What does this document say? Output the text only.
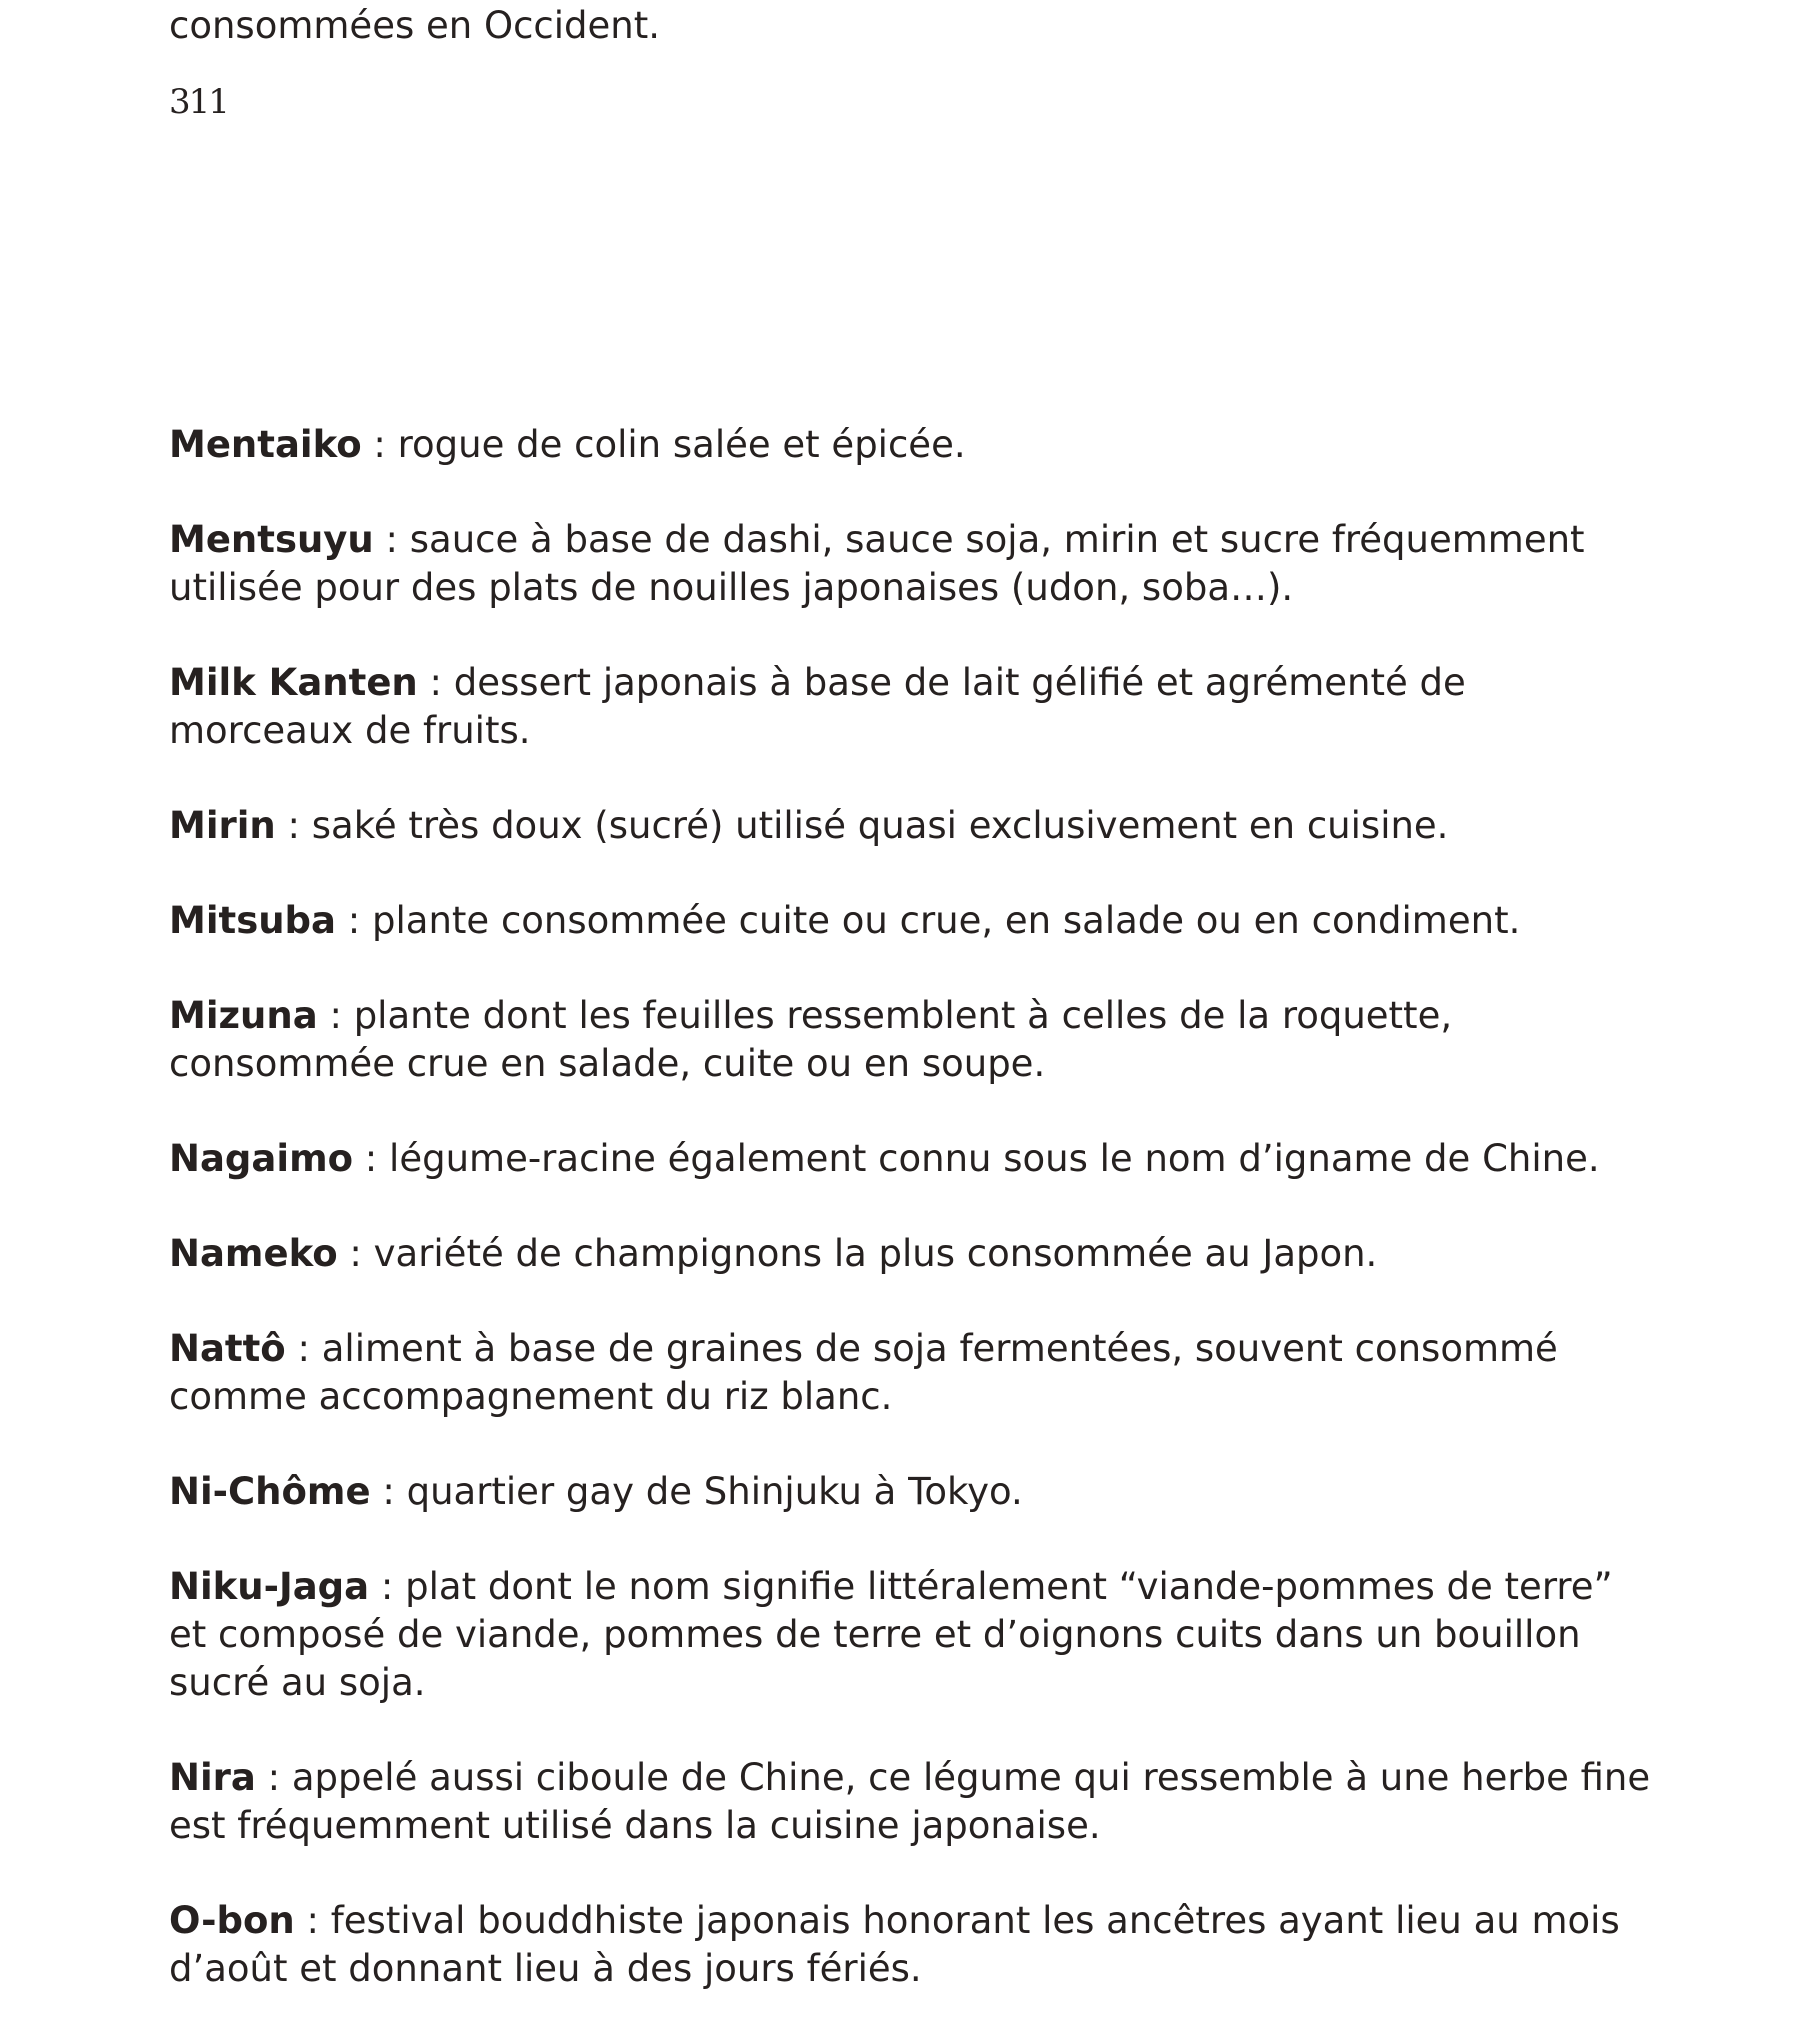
consommées en Occident.

311

Mentaiko : rogue de colin salée et épicée.
Mentsuyu : sauce à base de dashi, sauce soja, mirin et sucre fréquemment
utilisée pour des plats de nouilles japonaises (udon, soba…).
Milk Kanten : dessert japonais à base de lait gélifié et agrémenté de
morceaux de fruits.
Mirin : saké très doux (sucré) utilisé quasi exclusivement en cuisine.
Mitsuba : plante consommée cuite ou crue, en salade ou en condiment.
Mizuna : plante dont les feuilles ressemblent à celles de la roquette,
consommée crue en salade, cuite ou en soupe.
Nagaimo : légume-racine également connu sous le nom d’igname de Chine.
Nameko : variété de champignons la plus consommée au Japon.
Nattô : aliment à base de graines de soja fermentées, souvent consommé
comme accompagnement du riz blanc.
Ni-Chôme : quartier gay de Shinjuku à Tokyo.
Niku-Jaga : plat dont le nom signifie littéralement “viande-pommes de terre”
et composé de viande, pommes de terre et d’oignons cuits dans un bouillon
sucré au soja.
Nira : appelé aussi ciboule de Chine, ce légume qui ressemble à une herbe fine
est fréquemment utilisé dans la cuisine japonaise.
O-bon : festival bouddhiste japonais honorant les ancêtres ayant lieu au mois
d’août et donnant lieu à des jours fériés.
